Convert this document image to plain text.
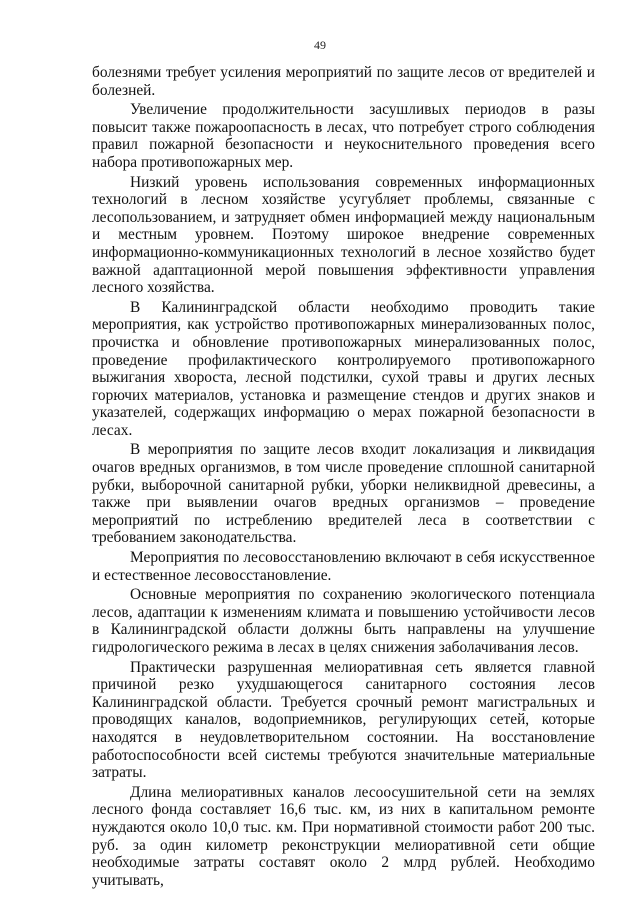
49

болезнями требует усиления мероприятий по защите лесов от вредителей и болезней.

Увеличение продолжительности засушливых периодов в разы повысит также пожароопасность в лесах, что потребует строго соблюдения правил пожарной безопасности и неукоснительного проведения всего набора противопожарных мер.

Низкий уровень использования современных информационных технологий в лесном хозяйстве усугубляет проблемы, связанные с лесопользованием, и затрудняет обмен информацией между национальным и местным уровнем. Поэтому широкое внедрение современных информационно-коммуникационных технологий в лесное хозяйство будет важной адаптационной мерой повышения эффективности управления лесного хозяйства.

В Калининградской области необходимо проводить такие мероприятия, как устройство противопожарных минерализованных полос, прочистка и обновление противопожарных минерализованных полос, проведение профилактического контролируемого противопожарного выжигания хвороста, лесной подстилки, сухой травы и других лесных горючих материалов, установка и размещение стендов и других знаков и указателей, содержащих информацию о мерах пожарной безопасности в лесах.

В мероприятия по защите лесов входит локализация и ликвидация очагов вредных организмов, в том числе проведение сплошной санитарной рубки, выборочной санитарной рубки, уборки неликвидной древесины, а также при выявлении очагов вредных организмов – проведение мероприятий по истреблению вредителей леса в соответствии с требованием законодательства.

Мероприятия по лесовосстановлению включают в себя искусственное и естественное лесовосстановление.

Основные мероприятия по сохранению экологического потенциала лесов, адаптации к изменениям климата и повышению устойчивости лесов в Калининградской области должны быть направлены на улучшение гидрологического режима в лесах в целях снижения заболачивания лесов.

Практически разрушенная мелиоративная сеть является главной причиной резко ухудшающегося санитарного состояния лесов Калининградской области. Требуется срочный ремонт магистральных и проводящих каналов, водоприемников, регулирующих сетей, которые находятся в неудовлетворительном состоянии. На восстановление работоспособности всей системы требуются значительные материальные затраты.

Длина мелиоративных каналов лесоосушительной сети на землях лесного фонда составляет 16,6 тыс. км, из них в капитальном ремонте нуждаются около 10,0 тыс. км. При нормативной стоимости работ 200 тыс. руб. за один километр реконструкции мелиоративной сети общие необходимые затраты составят около 2 млрд рублей. Необходимо учитывать,
